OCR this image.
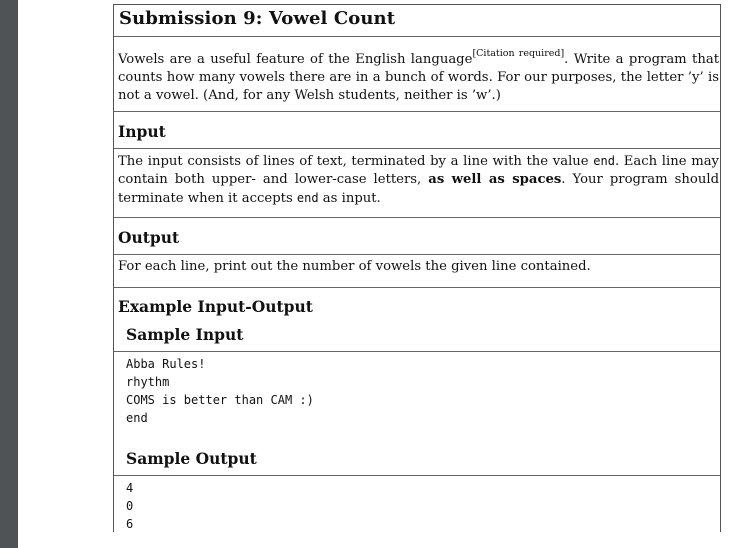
Submission 9: Vowel Count

Vowels are a useful feature of the English language[Citation required]. Write a program that counts how many vowels there are in a bunch of words. For our purposes, the letter ’y’ is not a vowel. (And, for any Welsh students, neither is ’w’.)

Input

The input consists of lines of text, terminated by a line with the value end. Each line may contain both upper- and lower-case letters, as well as spaces. Your program should terminate when it accepts end as input.

Output

For each line, print out the number of vowels the given line contained.

Example Input-Output
Sample Input
Abba Rules!
rhythm
COMS is better than CAM :)
end
Sample Output
4
0
6
